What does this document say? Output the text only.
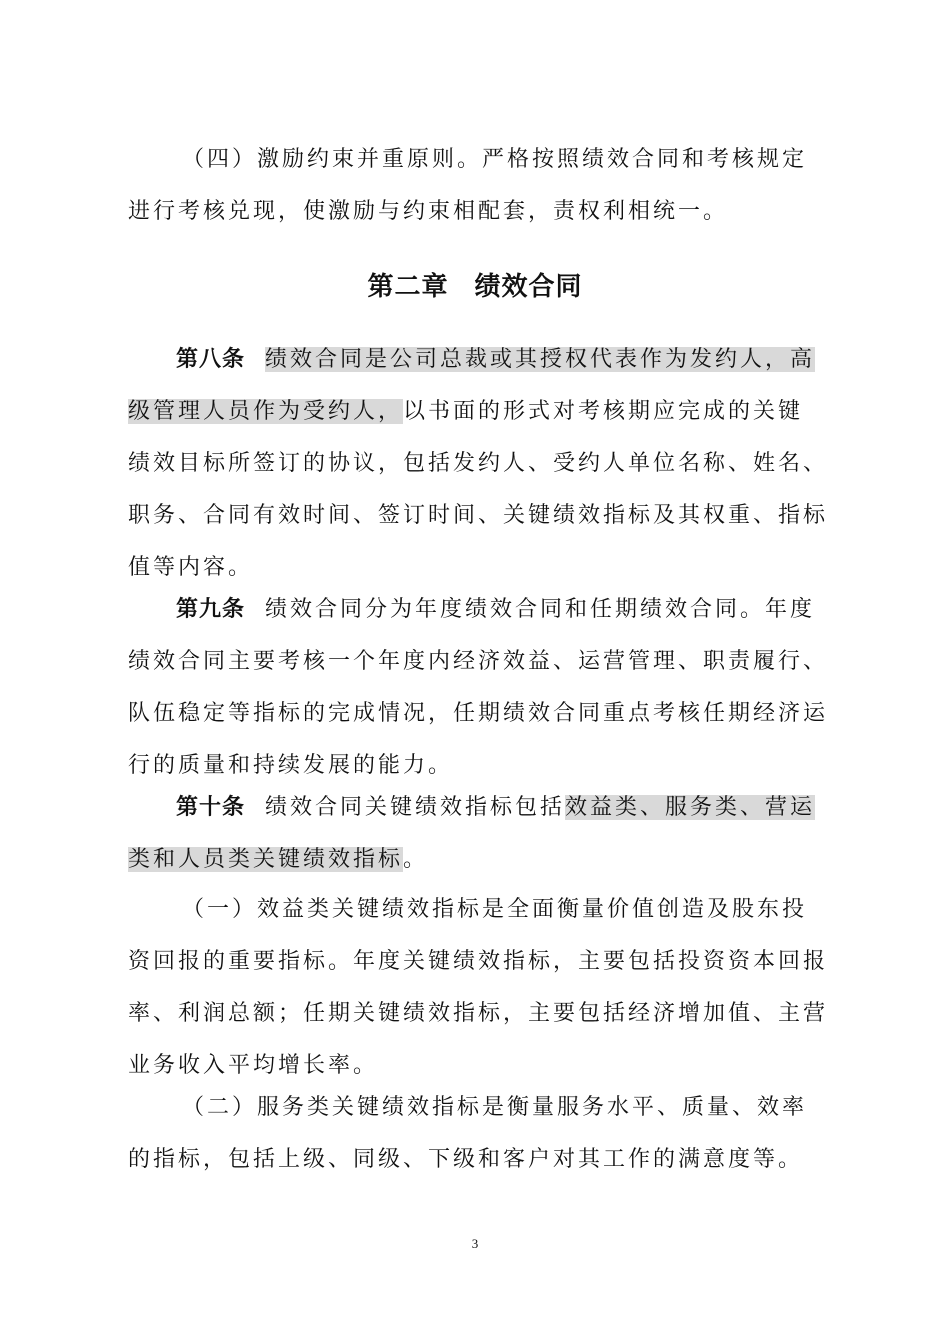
（四）激励约束并重原则。严格按照绩效合同和考核规定进行考核兑现，使激励与约束相配套，责权利相统一。

第二章 绩效合同

第八条 绩效合同是公司总裁或其授权代表作为发约人，高级管理人员作为受约人，以书面的形式对考核期应完成的关键绩效目标所签订的协议，包括发约人、受约人单位名称、姓名、职务、合同有效时间、签订时间、关键绩效指标及其权重、指标值等内容。

第九条 绩效合同分为年度绩效合同和任期绩效合同。年度绩效合同主要考核一个年度内经济效益、运营管理、职责履行、队伍稳定等指标的完成情况，任期绩效合同重点考核任期经济运行的质量和持续发展的能力。

第十条 绩效合同关键绩效指标包括效益类、服务类、营运类和人员类关键绩效指标。

（一）效益类关键绩效指标是全面衡量价值创造及股东投资回报的重要指标。年度关键绩效指标，主要包括投资资本回报率、利润总额；任期关键绩效指标，主要包括经济增加值、主营业务收入平均增长率。

（二）服务类关键绩效指标是衡量服务水平、质量、效率的指标，包括上级、同级、下级和客户对其工作的满意度等。

3
